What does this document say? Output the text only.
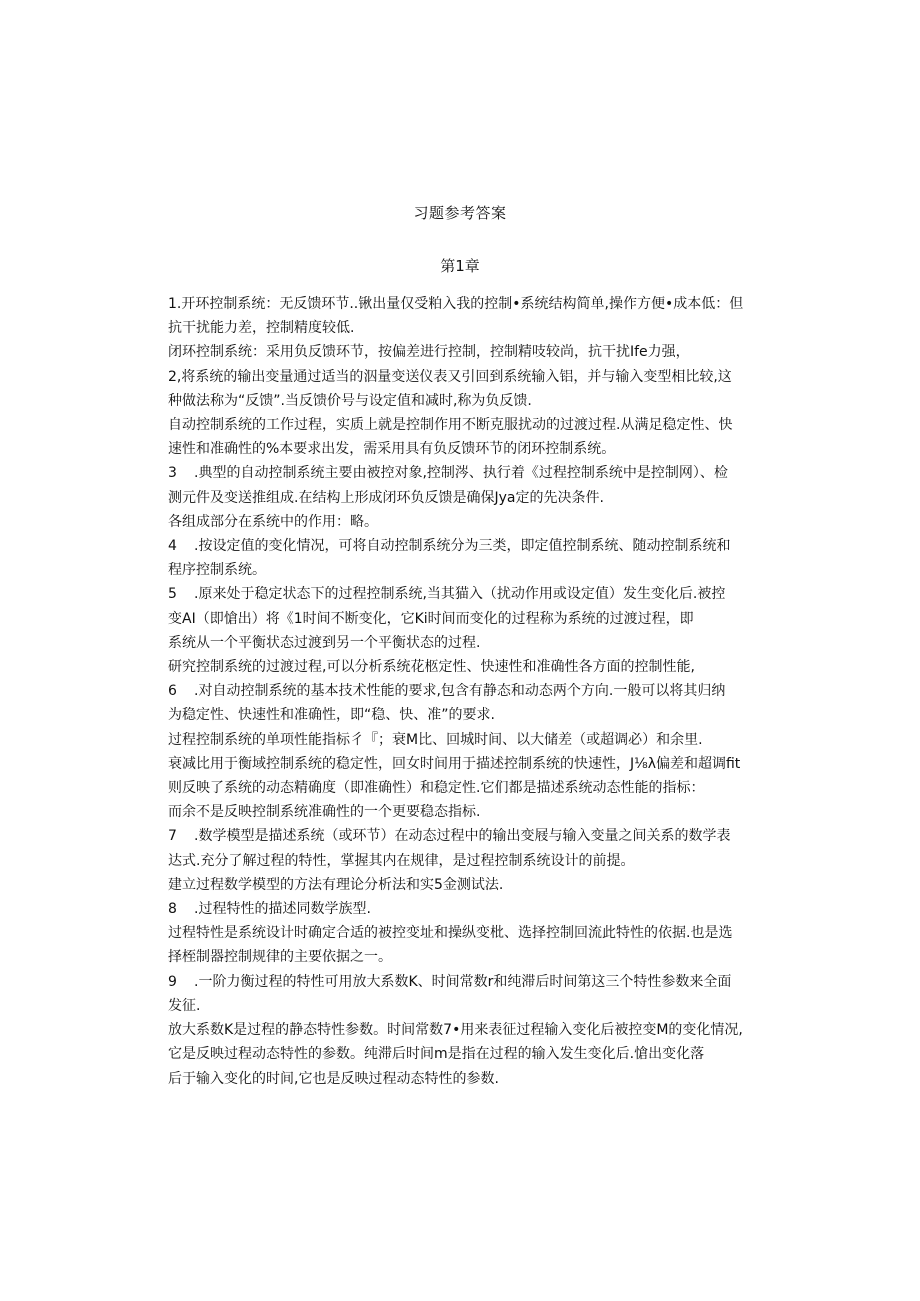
习题参考答案
第1章
1.开环控制系统：无反馈环节..锹出量仅受粕入我的控制•系统结构简单,操作方便•成本低：但
抗干扰能力差，控制精度较低.
闭环控制系统：采用负反馈环节，按偏差进行控制，控制精吱较尚，抗干扰Ife力强，
2,将系统的输出变量通过适当的泅量变送仪表又引回到系统输入铝，并与输入变型相比较,这
种做法称为“反馈”.当反馈价号与设定值和减时,称为负反馈.
自动控制系统的工作过程，实质上就是控制作用不断克服扰动的过渡过程.从满足稳定性、快
速性和准确性的%本要求出发，需采用具有负反馈环节的闭环控制系统。
3 .典型的自动控制系统主要由被控对象,控制涔、执行着《过程控制系统中是控制网）、检
测元件及变送推组成.在结构上形成闭环负反馈是确保Jya定的先决条件.
各组成部分在系统中的作用：略。
4 .按设定值的变化情况，可将自动控制系统分为三类，即定值控制系统、随动控制系统和
程序控制系统。
5 .原来处于稳定状态下的过程控制系统,当其猫入（扰动作用或设定值）发生变化后.被控
变AI（即愴出）将《1时间不断变化，它Ki时间而变化的过程称为系统的过渡过程，即
系统从一个平衡状态过渡到另一个平衡状态的过程.
研究控制系统的过渡过程,可以分析系统花柩定性、快速性和准确性各方面的控制性能,
6 .对自动控制系统的基本技术性能的要求,包含有静态和动态两个方向.一般可以将其归纳
为稳定性、快速性和准确性，即“稳、快、准”的要求.
过程控制系统的单项性能指标彳『；衰M比、回城时间、以大储差（或超调必）和余里.
衰减比用于衡域控制系统的稳定性，回女时间用于描述控制系统的快速性，J⅛λ偏差和超调fit
则反映了系统的动态精确度（即准确性）和稳定性.它们都是描述系统动态性能的指标：
而余不是反映控制系统准确性的一个更要稳态指标.
7 .数学模型是描述系统（或环节）在动态过程中的输出变屐与输入变量之间关系的数学表
达式.充分了解过程的特性，掌握其内在规律，是过程控制系统设计的前提。
建立过程数学模型的方法有理论分析法和实5金测试法.
8 .过程特性的描述同数学族型.
过程特性是系统设计时确定合适的被控变址和操纵变枇、选择控制回流此特性的依据.也是选
择桎制器控制规律的主要依据之一。
9 .一阶力衡过程的特性可用放大系数K、时间常数r和纯滞后时间第这三个特性参数来全面
发征.
放大系数K是过程的静态特性参数。时间常数7•用来表征过程输入变化后被控变M的变化情况,
它是反映过程动态特性的参数。纯滞后时间m是指在过程的输入发生变化后.愴出变化落
后于输入变化的时间,它也是反映过程动态特性的参数.
